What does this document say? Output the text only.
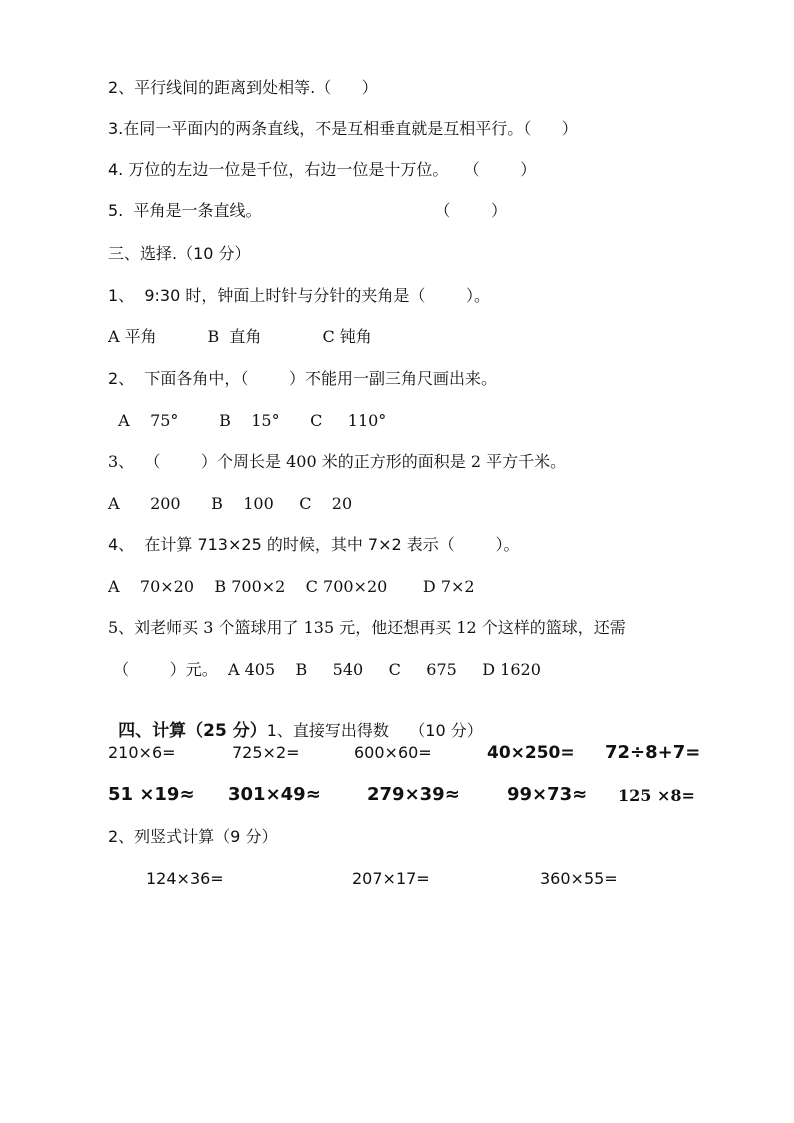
2、平行线间的距离到处相等.（      ）
3.在同一平面内的两条直线，不是互相垂直就是互相平行。（      ）
4. 万位的左边一位是千位，右边一位是十万位。   （        ）
5.  平角是一条直线。                                  （        ）
三、选择.（10 分）
1、  9:30 时，钟面上时针与分针的夹角是（        ）。
A 平角          B  直角            C 钝角
2、  下面各角中，（        ）不能用一副三角尺画出来。
A    75°        B    15°      C     110°
3、  （        ）个周长是 400 米的正方形的面积是 2 平方千米。
A      200      B    100     C    20
4、  在计算 713×25 的时候，其中 7×2 表示（        ）。
A    70×20    B 700×2    C 700×20       D 7×2
5、刘老师买 3 个篮球用了 135 元，他还想再买 12 个这样的篮球，还需
（        ）元。  A 405    B     540     C     675     D 1620

四、计算（25 分）1、直接写出得数    （10 分）

210×6=	725×2=	600×60=	40×250= 72÷8+7=
51 ×19≈ 301×49≈	279×39≈	99×73≈ 125 ×8=
2、列竖式计算（9 分）
124×36=	207×17=	360×55=
